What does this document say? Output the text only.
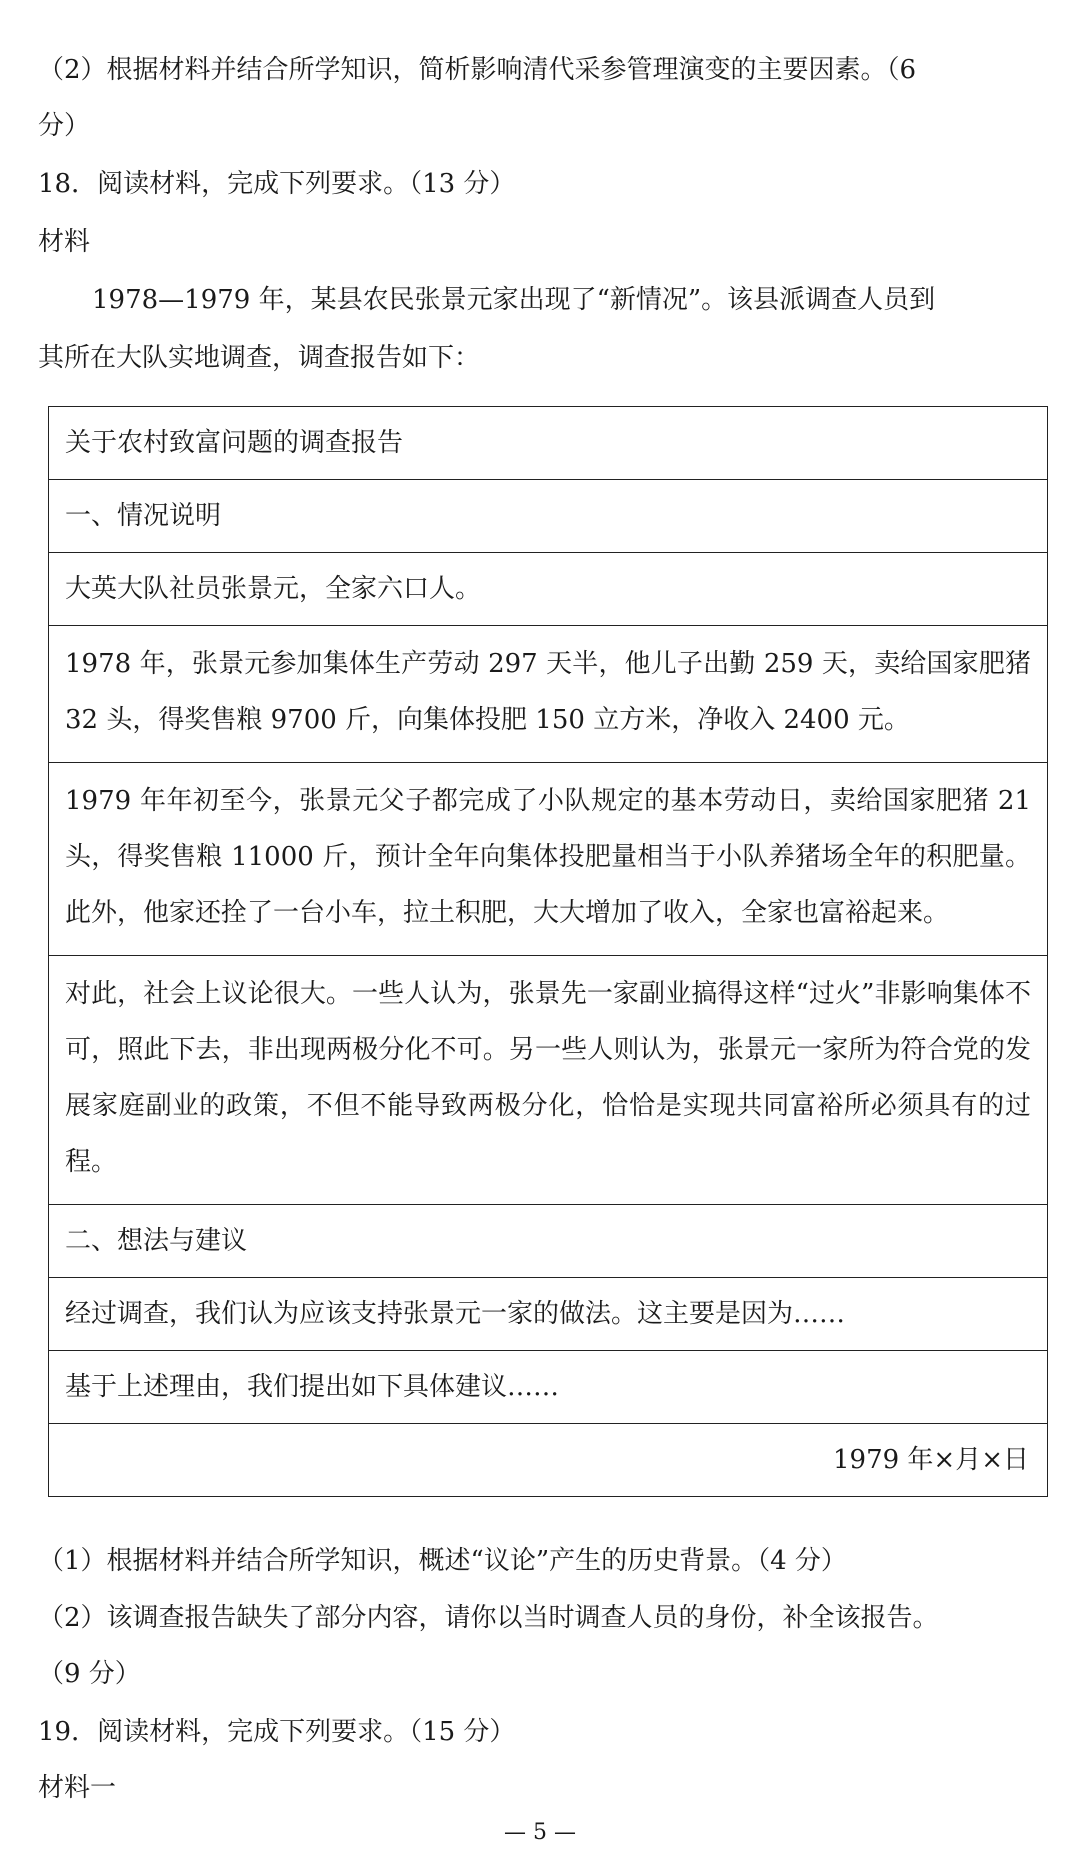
（2）根据材料并结合所学知识，简析影响清代采参管理演变的主要因素。（6
分）
18．阅读材料，完成下列要求。（13 分）
材料
1978—1979 年，某县农民张景元家出现了“新情况”。该县派调查人员到
其所在大队实地调查，调查报告如下：
关于农村致富问题的调查报告
一、情况说明
大英大队社员张景元，全家六口人。
1978 年，张景元参加集体生产劳动 297 天半，他儿子出勤 259 天，卖给国家肥猪 32 头，得奖售粮 9700 斤，向集体投肥 150 立方米，净收入 2400 元。
1979 年年初至今，张景元父子都完成了小队规定的基本劳动日，卖给国家肥猪 21 头，得奖售粮 11000 斤，预计全年向集体投肥量相当于小队养猪场全年的积肥量。此外，他家还拴了一台小车，拉土积肥，大大增加了收入，全家也富裕起来。
对此，社会上议论很大。一些人认为，张景先一家副业搞得这样“过火”非影响集体不可，照此下去，非出现两极分化不可。另一些人则认为，张景元一家所为符合党的发展家庭副业的政策，不但不能导致两极分化，恰恰是实现共同富裕所必须具有的过程。
二、想法与建议
经过调查，我们认为应该支持张景元一家的做法。这主要是因为……
基于上述理由，我们提出如下具体建议……
1979 年×月×日
（1）根据材料并结合所学知识，概述“议论”产生的历史背景。（4 分）
（2）该调查报告缺失了部分内容，请你以当时调查人员的身份，补全该报告。
（9 分）
19．阅读材料，完成下列要求。（15 分）
材料一
— 5 —
